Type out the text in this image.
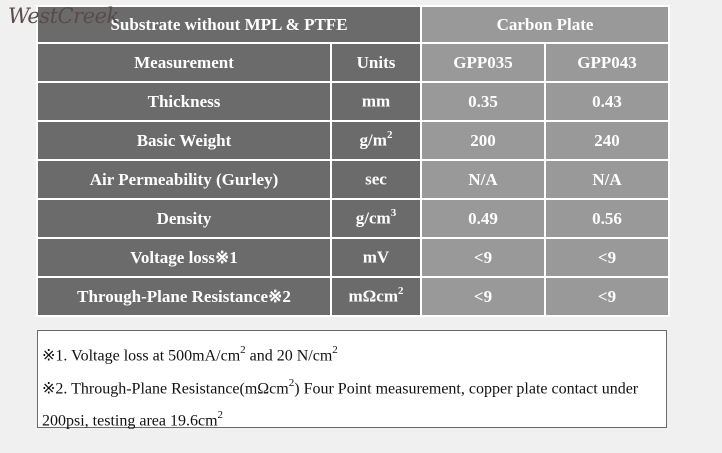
WestCreek
Substrate without MPL & PTFE		Carbon Plate	
Measurement	Units	GPP035	GPP043
Thickness	mm	0.35	0.43
Basic Weight	$g/m^2$	200	240
Air Permeability (Gurley)	sec	N/A	N/A
Density	$g/cm^3$	0.49	0.56
Voltage loss※1	mV	<9	<9
Through-Plane Resistance※2	mΩcm$^2$	<9	<9

※1. Voltage loss at $500mA/cm^2$ and 20 $N/cm^2$

※2. Through-Plane Resistance(mΩcm$^2$) Four Point measurement, copper plate contact under 200psi, testing area $19.6cm^2$
